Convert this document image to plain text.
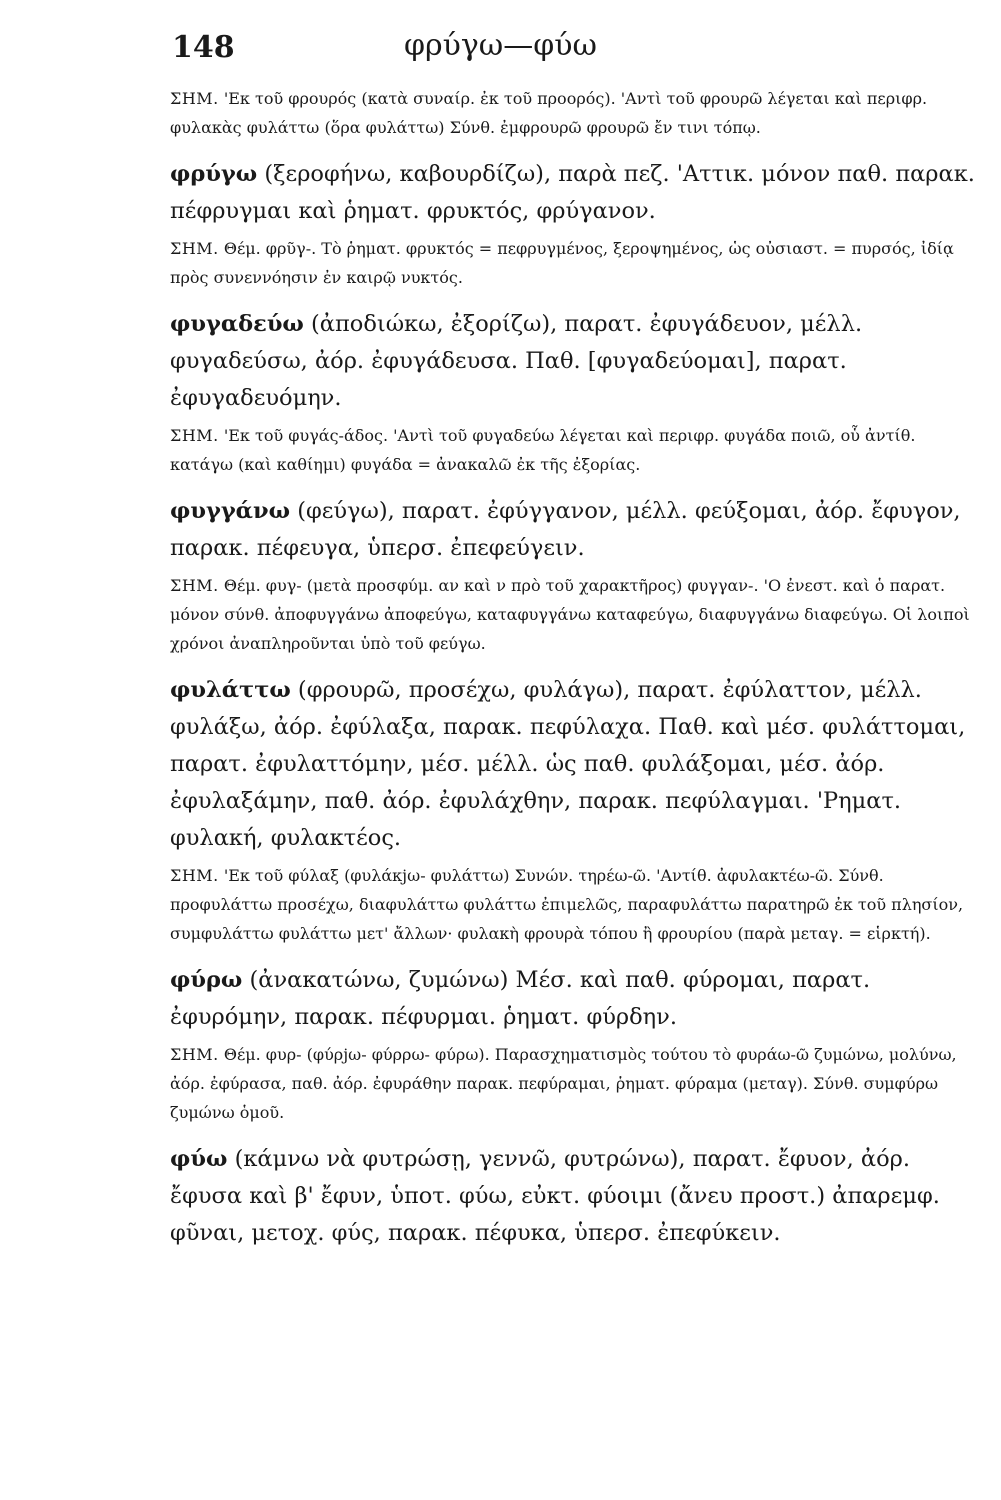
148	φρύγω—φύω
ΣΗΜ. 'Εκ τοῦ φρουρός (κατὰ συναίρ. ἐκ τοῦ προορός). 'Αντὶ τοῦ φρουρῶ λέγεται καὶ περιφρ. φυλακὰς φυλάττω (ὅρα φυλάττω) Σύνθ. ἐμφρουρῶ φρουρῶ ἔν τινι τόπῳ.
φρύγω (ξεροφήνω, καβουρδίζω), παρὰ πεζ. 'Αττικ. μόνον παθ. παρακ. πέφρυγμαι καὶ ῥηματ. φρυκτός, φρύγανον.
ΣΗΜ. Θέμ. φρῦγ-. Τὸ ῥηματ. φρυκτός = πεφρυγμένος, ξεροψημένος, ὡς οὐσιαστ. = πυρσός, ἰδίᾳ πρὸς συνεννόησιν ἐν καιρῷ νυκτός.
φυγαδεύω (ἀποδιώκω, ἐξορίζω), παρατ. ἐφυγάδευον, μέλλ. φυγαδεύσω, ἀόρ. ἐφυγάδευσα. Παθ. [φυγαδεύομαι], παρατ. ἐφυγαδευόμην.
ΣΗΜ. 'Εκ τοῦ φυγάς-άδος. 'Αντὶ τοῦ φυγαδεύω λέγεται καὶ περιφρ. φυγάδα ποιῶ, οὗ ἀντίθ. κατάγω (καὶ καθίημι) φυγάδα = ἀνακαλῶ ἐκ τῆς ἐξορίας.
φυγγάνω (φεύγω), παρατ. ἐφύγγανον, μέλλ. φεύξομαι, ἀόρ. ἔφυγον, παρακ. πέφευγα, ὑπερσ. ἐπεφεύγειν.
ΣΗΜ. Θέμ. φυγ- (μετὰ προσφύμ. αν καὶ ν πρὸ τοῦ χαρακτῆρος) φυγγαν-. 'Ο ἐνεστ. καὶ ὁ παρατ. μόνον σύνθ. ἀποφυγγάνω ἀποφεύγω, καταφυγγάνω καταφεύγω, διαφυγγάνω διαφεύγω. Οἱ λοιποὶ χρόνοι ἀναπληροῦνται ὑπὸ τοῦ φεύγω.
φυλάττω (φρουρῶ, προσέχω, φυλάγω), παρατ. ἐφύλαττον, μέλλ. φυλάξω, ἀόρ. ἐφύλαξα, παρακ. πεφύλαχα. Παθ. καὶ μέσ. φυλάττομαι, παρατ. ἐφυλαττόμην, μέσ. μέλλ. ὡς παθ. φυλάξομαι, μέσ. ἀόρ. ἐφυλαξάμην, παθ. ἀόρ. ἐφυλάχθην, παρακ. πεφύλαγμαι. 'Ρηματ. φυλακή, φυλακτέος.
ΣΗΜ. 'Εκ τοῦ φύλαξ (φυλάκjω- φυλάττω) Συνών. τηρέω-ῶ. 'Αντίθ. ἀφυλακτέω-ῶ. Σύνθ. προφυλάττω προσέχω, διαφυλάττω φυλάττω ἐπιμελῶς, παραφυλάττω παρατηρῶ ἐκ τοῦ πλησίον, συμφυλάττω φυλάττω μετ' ἄλλων· φυλακὴ φρουρὰ τόπου ἢ φρουρίου (παρὰ μεταγ. = εἱρκτή).
φύρω (ἀνακατώνω, ζυμώνω) Μέσ. καὶ παθ. φύρομαι, παρατ. ἐφυρόμην, παρακ. πέφυρμαι. ῥηματ. φύρδην.
ΣΗΜ. Θέμ. φυρ- (φύρjω- φύρρω- φύρω). Παρασχηματισμὸς τούτου τὸ φυράω-ῶ ζυμώνω, μολύνω, ἀόρ. ἐφύρασα, παθ. ἀόρ. ἐφυράθην παρακ. πεφύραμαι, ῥηματ. φύραμα (μεταγ). Σύνθ. συμφύρω ζυμώνω ὁμοῦ.
φύω (κάμνω νὰ φυτρώσῃ, γεννῶ, φυτρώνω), παρατ. ἔφυον, ἀόρ. ἔφυσα καὶ β' ἔφυν, ὑποτ. φύω, εὐκτ. φύοιμι (ἄνευ προστ.) ἀπαρεμφ. φῦναι, μετοχ. φύς, παρακ. πέφυκα, ὑπερσ. ἐπεφύκειν.
